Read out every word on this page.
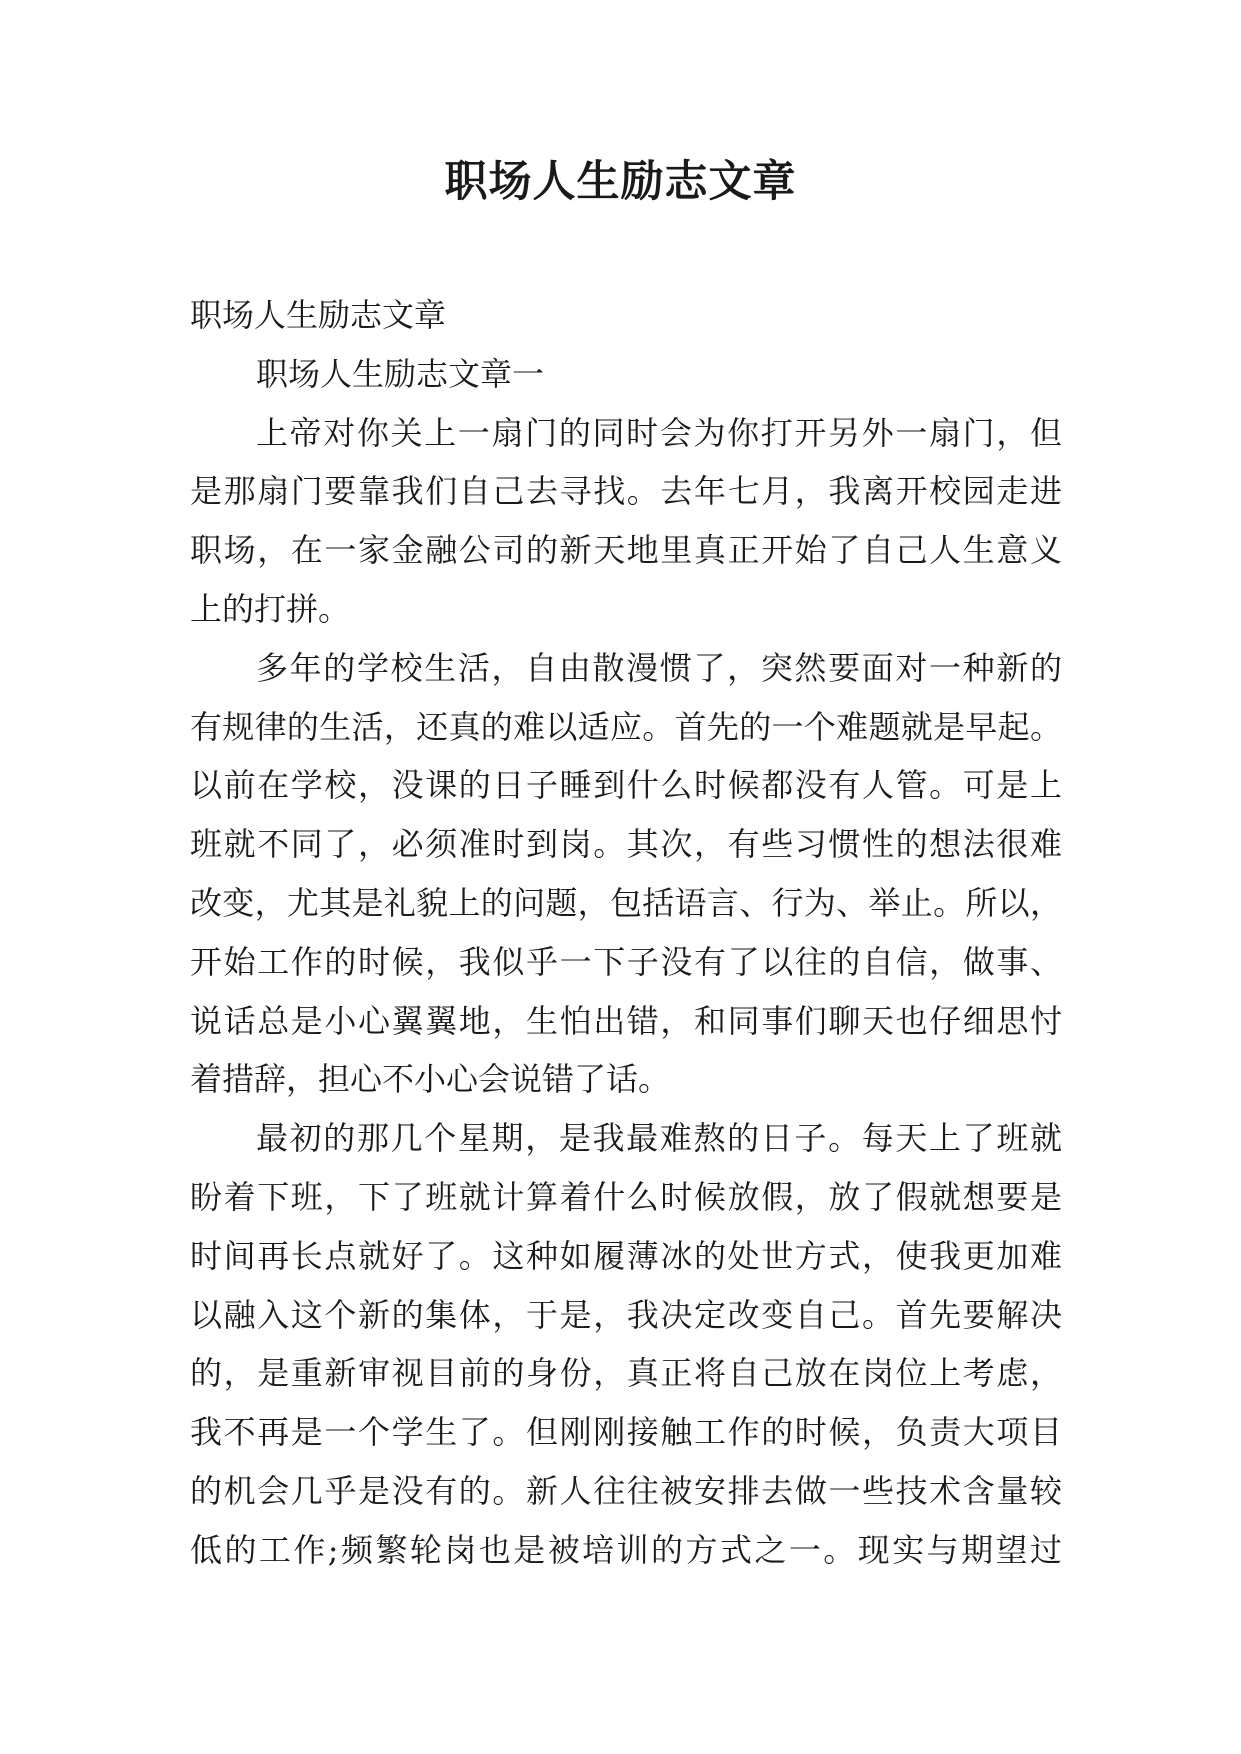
职场人生励志文章

职场人生励志文章

职场人生励志文章一

上帝对你关上一扇门的同时会为你打开另外一扇门，但

是那扇门要靠我们自己去寻找。去年七月，我离开校园走进

职场，在一家金融公司的新天地里真正开始了自己人生意义

上的打拼。

多年的学校生活，自由散漫惯了，突然要面对一种新的

有规律的生活，还真的难以适应。首先的一个难题就是早起。

以前在学校，没课的日子睡到什么时候都没有人管。可是上

班就不同了，必须准时到岗。其次，有些习惯性的想法很难

改变，尤其是礼貌上的问题，包括语言、行为、举止。所以，

开始工作的时候，我似乎一下子没有了以往的自信，做事、

说话总是小心翼翼地，生怕出错，和同事们聊天也仔细思忖

着措辞，担心不小心会说错了话。

最初的那几个星期，是我最难熬的日子。每天上了班就

盼着下班，下了班就计算着什么时候放假，放了假就想要是

时间再长点就好了。这种如履薄冰的处世方式，使我更加难

以融入这个新的集体，于是，我决定改变自己。首先要解决

的，是重新审视目前的身份，真正将自己放在岗位上考虑，

我不再是一个学生了。但刚刚接触工作的时候，负责大项目

的机会几乎是没有的。新人往往被安排去做一些技术含量较

低的工作;频繁轮岗也是被培训的方式之一。现实与期望过
